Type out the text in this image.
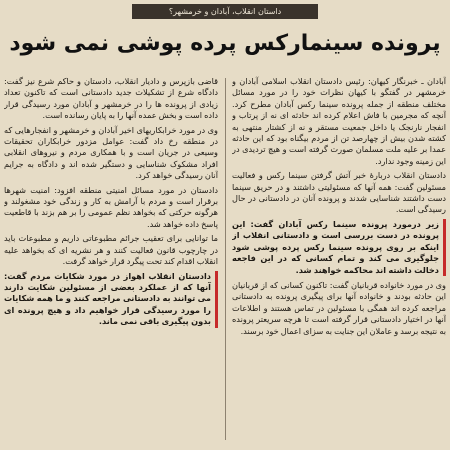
داستان انقلاب، آبادان و خرمشهر؟
پرونده سینمارکس پرده پوشی نمی شود

آبادان ـ خبرنگار کیهان: رئیس دادستان انقلاب اسلامی آبادان و خرمشهر در گفتگو با کیهان نظرات خود را در مورد مسائل مختلف منطقه از جمله پرونده سینما رکس آبادان مطرح کرد. آنچه که مجرمین با فاش اعلام کرده اند حادثه ای نه از پرتاب و انفجار نارنجک یا داخل جمعیت مستقر و نه از کشتار منتهی به کشته شدن بیش از چهارصد تن از مردم بیگناه بود که این حادثه عمدا بر علیه ملت مسلمان صورت گرفته است و هیچ تردیدی در این زمینه وجود ندارد.

دادستان انقلاب دربارهٔ خبر آتش گرفتن سینما رکس و فعالیت مسئولین گفت: همه آنها که مسئولیتی داشتند و در حریق سینما دست داشتند شناسایی شدند و پرونده آنان در دادستانی در حال رسیدگی است.

زیر درمورد پرونده سینما رکس آبادان گفت: این پرونده در دست بررسی است و دادستانی انقلاب از اینکه بر روی پرونده سینما رکس پرده پوشی شود جلوگیری می کند و تمام کسانی که در این فاجعه دخالت داشته اند محاکمه خواهند شد.

وی در مورد خانواده قربانیان گفت: تاکنون کسانی که از قربانیان این حادثه بودند و خانواده آنها برای پیگیری پرونده به دادستانی مراجعه کرده اند همگی با مسئولین در تماس هستند و اطلاعات آنها در اختیار دادستانی قرار گرفته است تا هرچه سریعتر پرونده به نتیجه برسد و عاملان این جنایت به سزای اعمال خود برسند.

قاضی بازپرس و دادیار انقلاب، دادستان و حاکم شرع نیز گفت: دادگاه شرع از تشکیلات جدید دادستانی است که تاکنون تعداد زیادی از پرونده ها را در خرمشهر و آبادان مورد رسیدگی قرار داده است و بخش عمده آنها را به پایان رسانده است.

وی در مورد خرابکاریهای اخیر آبادان و خرمشهر و انفجارهایی که در منطقه رخ داد گفت: عوامل مزدور خرابکاران تحقیقات وسیعی در جریان است و با همکاری مردم و نیروهای انقلابی افراد مشکوک شناسایی و دستگیر شده اند و دادگاه به جرایم آنان رسیدگی خواهد کرد.

دادستان در مورد مسائل امنیتی منطقه افزود: امنیت شهرها برقرار است و مردم با آرامش به کار و زندگی خود مشغولند و هرگونه حرکتی که بخواهد نظم عمومی را بر هم بزند با قاطعیت پاسخ داده خواهد شد.

ما توانایی برای تعقیب جرائم مطبوعاتی داریم و مطبوعات باید در چارچوب قانون فعالیت کنند و هر نشریه ای که بخواهد علیه انقلاب اقدام کند تحت پیگرد قرار خواهد گرفت.

دادستان انقلاب اهواز در مورد شکایات مردم گفت: آنها که از عملکرد بعضی از مسئولین شکایت دارند می توانند به دادستانی مراجعه کنند و ما همه شکایات را مورد رسیدگی قرار خواهیم داد و هیچ پرونده ای بدون پیگیری باقی نمی ماند.
